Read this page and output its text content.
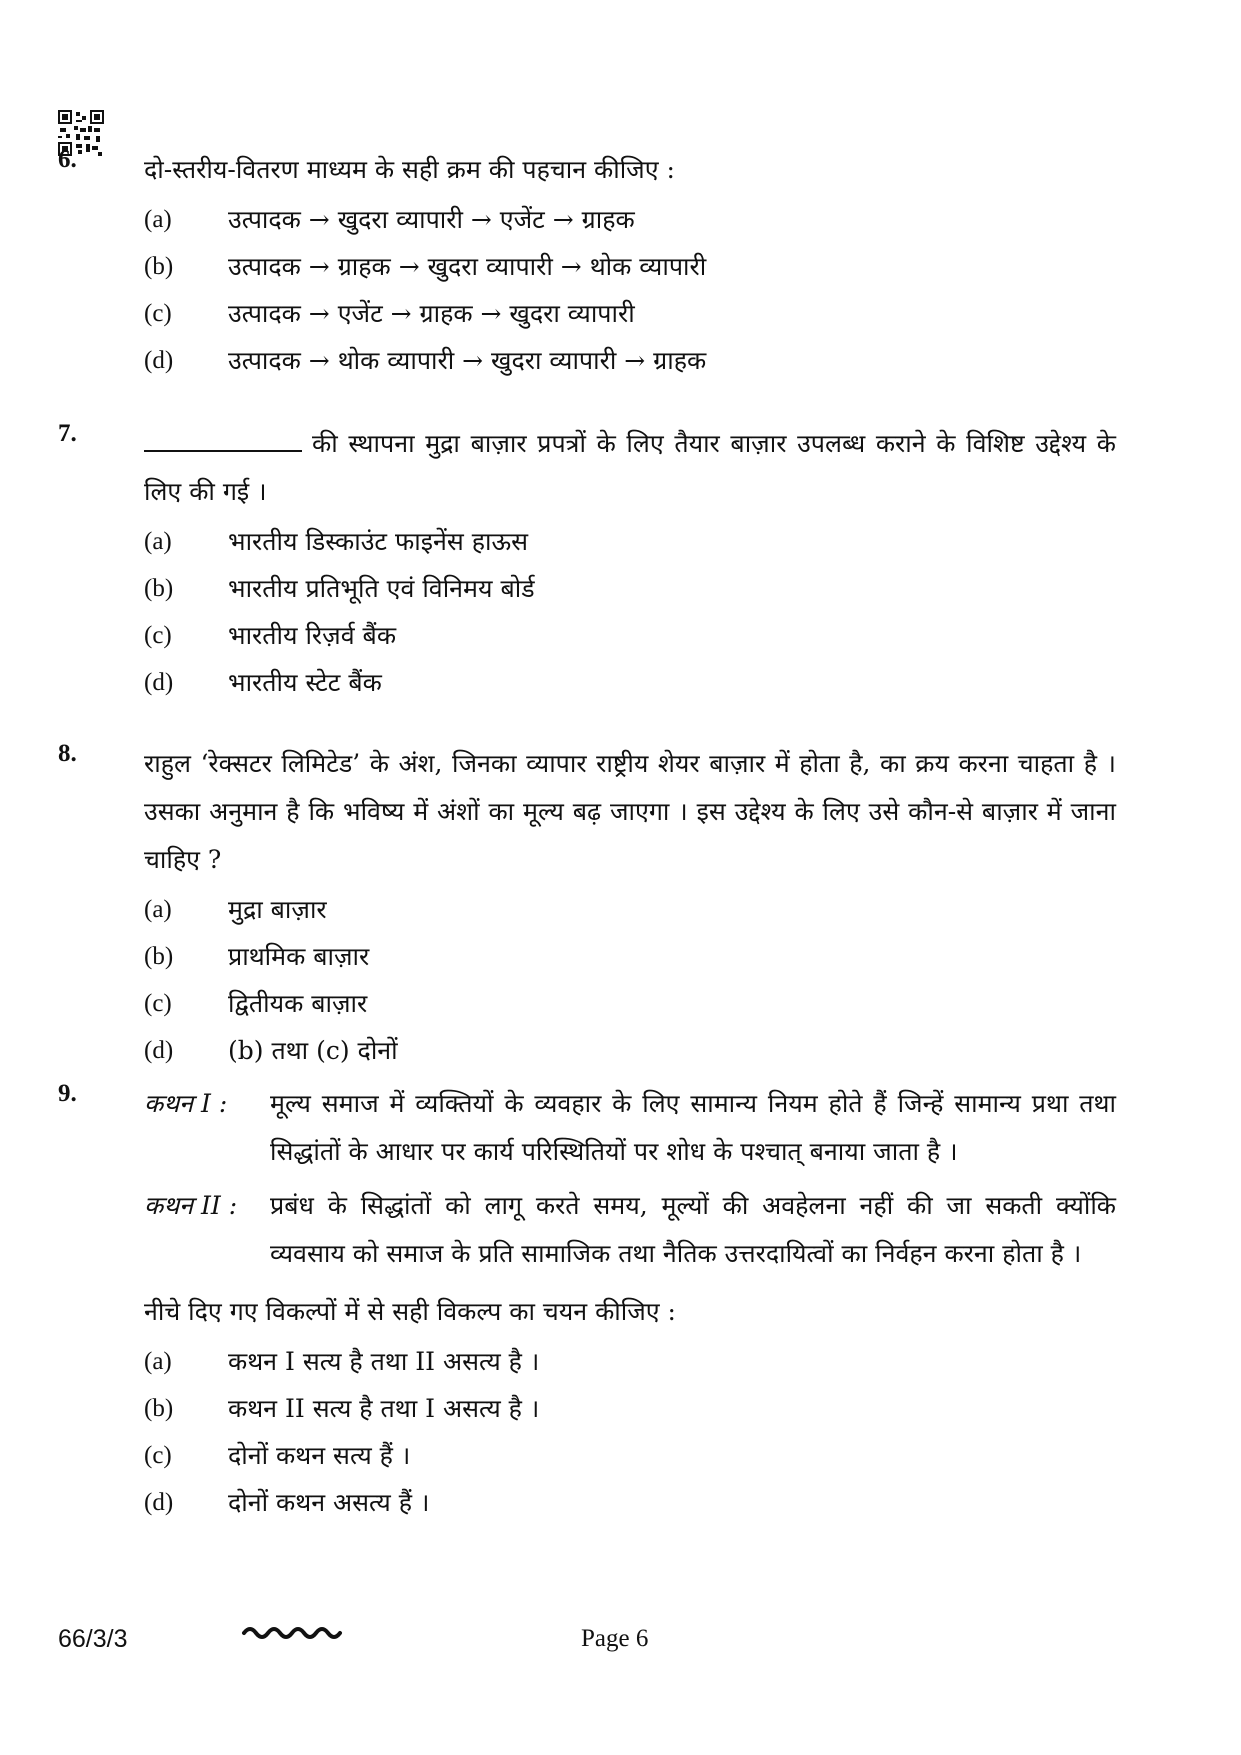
6.	दो-स्तरीय-वितरण माध्यम के सही क्रम की पहचान कीजिए :
(a)	उत्पादक → खुदरा व्यापारी → एजेंट → ग्राहक
(b)	उत्पादक → ग्राहक → खुदरा व्यापारी → थोक व्यापारी
(c)	उत्पादक → एजेंट → ग्राहक → खुदरा व्यापारी
(d)	उत्पादक → थोक व्यापारी → खुदरा व्यापारी → ग्राहक
7.	की स्थापना मुद्रा बाज़ार प्रपत्रों के लिए तैयार बाज़ार उपलब्ध कराने के विशिष्ट उद्देश्य के लिए की गई ।
(a)	भारतीय डिस्काउंट फाइनेंस हाऊस
(b)	भारतीय प्रतिभूति एवं विनिमय बोर्ड
(c)	भारतीय रिज़र्व बैंक
(d)	भारतीय स्टेट बैंक
8.	राहुल ‘रेक्सटर लिमिटेड’ के अंश, जिनका व्यापार राष्ट्रीय शेयर बाज़ार में होता है, का क्रय करना चाहता है । उसका अनुमान है कि भविष्य में अंशों का मूल्य बढ़ जाएगा । इस उद्देश्य के लिए उसे कौन-से बाज़ार में जाना चाहिए ?
(a)	मुद्रा बाज़ार
(b)	प्राथमिक बाज़ार
(c)	द्वितीयक बाज़ार
(d)	(b) तथा (c) दोनों
9.	कथन I :	मूल्य समाज में व्यक्तियों के व्यवहार के लिए सामान्य नियम होते हैं जिन्हें सामान्य प्रथा तथा सिद्धांतों के आधार पर कार्य परिस्थितियों पर शोध के पश्चात् बनाया जाता है ।
कथन II :	प्रबंध के सिद्धांतों को लागू करते समय, मूल्यों की अवहेलना नहीं की जा सकती क्योंकि व्यवसाय को समाज के प्रति सामाजिक तथा नैतिक उत्तरदायित्वों का निर्वहन करना होता है ।
नीचे दिए गए विकल्पों में से सही विकल्प का चयन कीजिए :
(a)	कथन I सत्य है तथा II असत्य है ।
(b)	कथन II सत्य है तथा I असत्य है ।
(c)	दोनों कथन सत्य हैं ।
(d)	दोनों कथन असत्य हैं ।
66/3/3	Page 6
